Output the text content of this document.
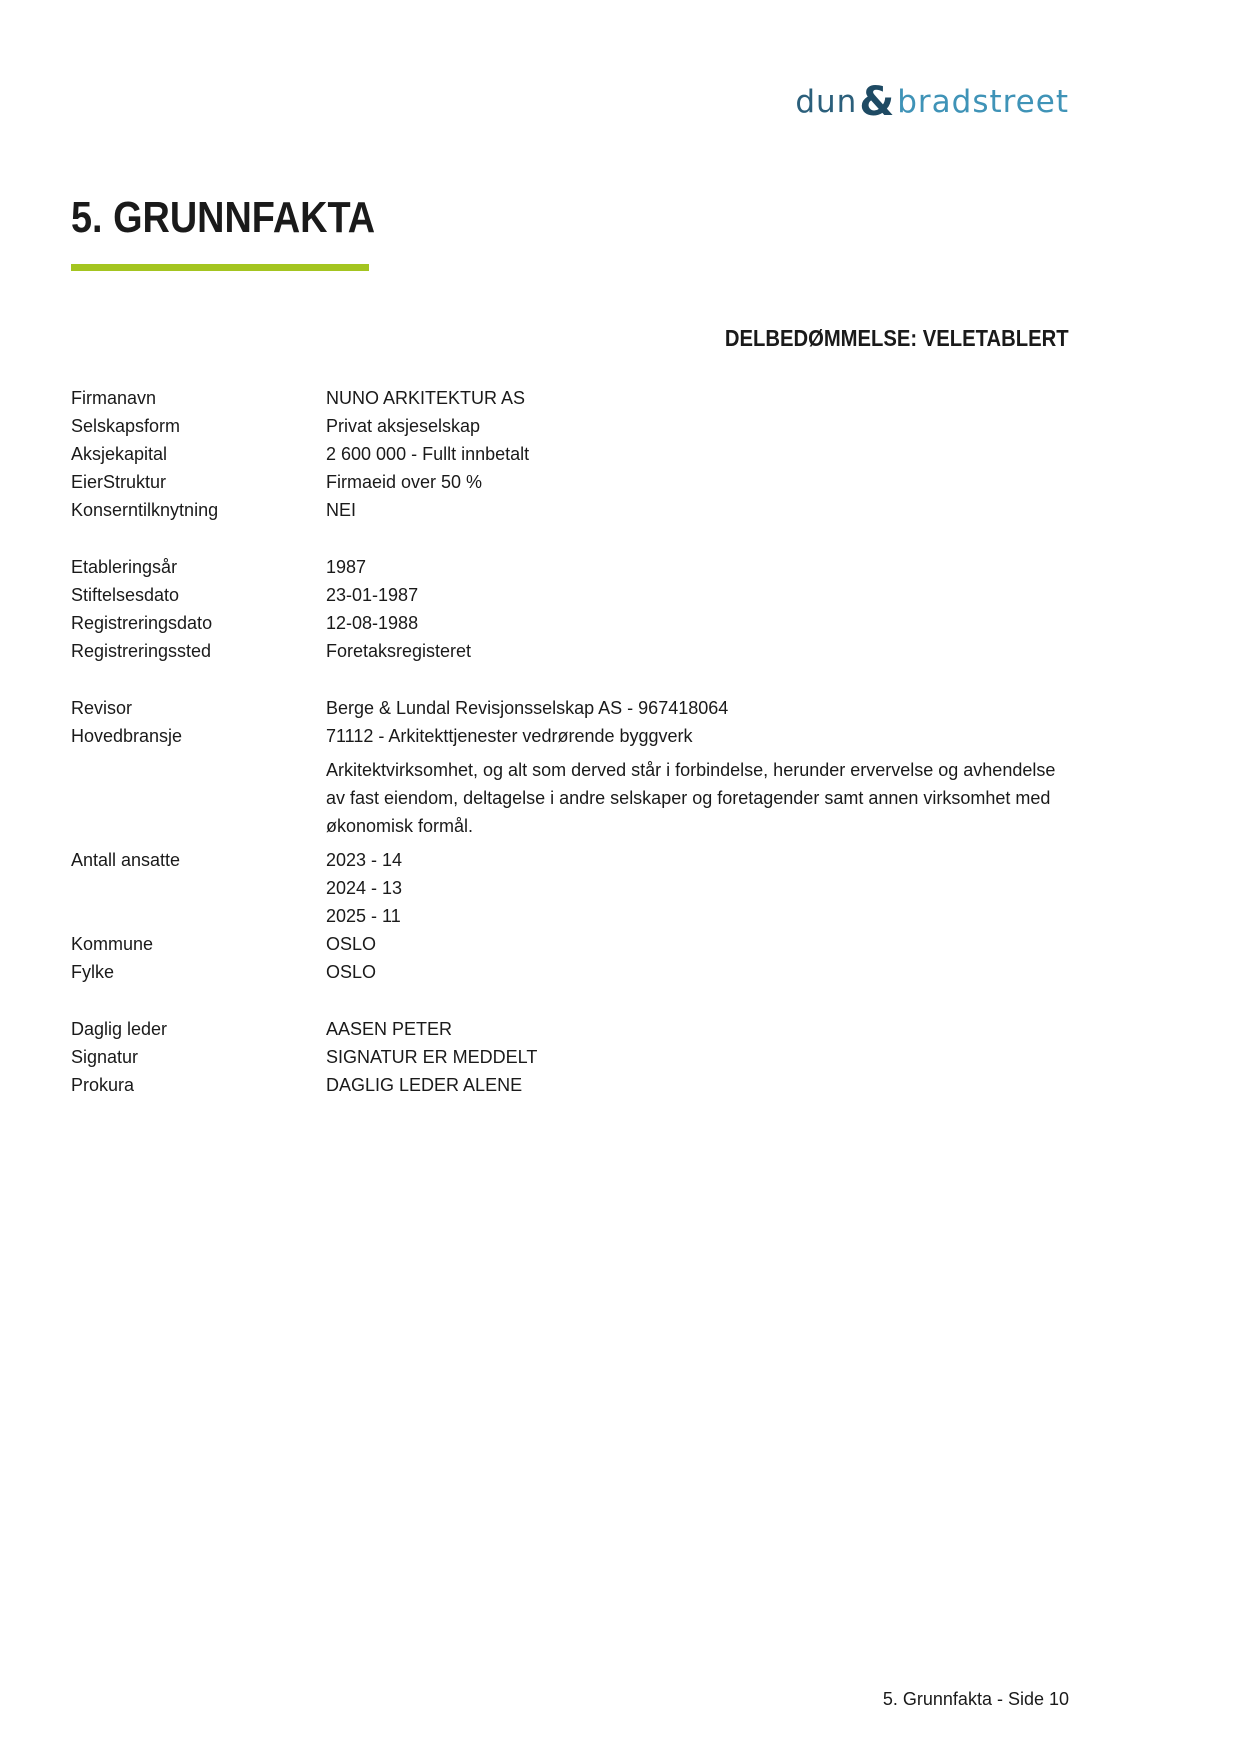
dun & bradstreet
5. GRUNNFAKTA
DELBEDØMMELSE: VELETABLERT
Firmanavn	NUNO ARKITEKTUR AS
Selskapsform	Privat aksjeselskap
Aksjekapital	2 600 000 - Fullt innbetalt
EierStruktur	Firmaeid over 50 %
Konserntilknytning	NEI
Etableringsår	1987
Stiftelsesdato	23-01-1987
Registreringsdato	12-08-1988
Registreringssted	Foretaksregisteret
Revisor	Berge & Lundal Revisjonsselskap AS - 967418064
Hovedbransje	71112 - Arkitekttjenester vedrørende byggverk
Arkitektvirksomhet, og alt som derved står i forbindelse, herunder ervervelse og avhendelse av fast eiendom, deltagelse i andre selskaper og foretagender samt annen virksomhet med økonomisk formål.
Antall ansatte	2023 - 14
2024 - 13
2025 - 11
Kommune	OSLO
Fylke	OSLO
Daglig leder	AASEN PETER
Signatur	SIGNATUR ER MEDDELT
Prokura	DAGLIG LEDER ALENE
5. Grunnfakta - Side 10
